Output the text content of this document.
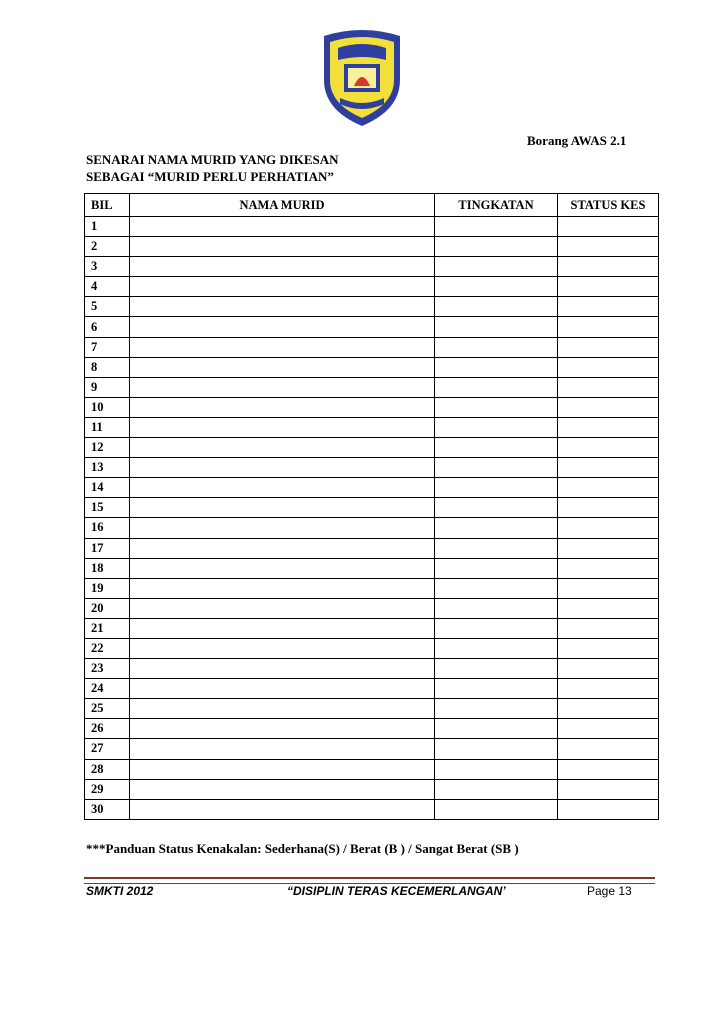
Borang AWAS 2.1
SENARAI NAMA MURID YANG DIKESAN
SEBAGAI “MURID PERLU PERHATIAN”
BIL	NAMA MURID	TINGKATAN	STATUS KES
1			
2			
3			
4			
5			
6			
7			
8			
9			
10			
11			
12			
13			
14			
15			
16			
17			
18			
19			
20			
21			
22			
23			
24			
25			
26			
27			
28			
29			
30			
***Panduan Status Kenakalan: Sederhana(S) / Berat (B ) / Sangat Berat (SB )
SMKTI 2012	“DISIPLIN TERAS KECEMERLANGAN’	Page 13
